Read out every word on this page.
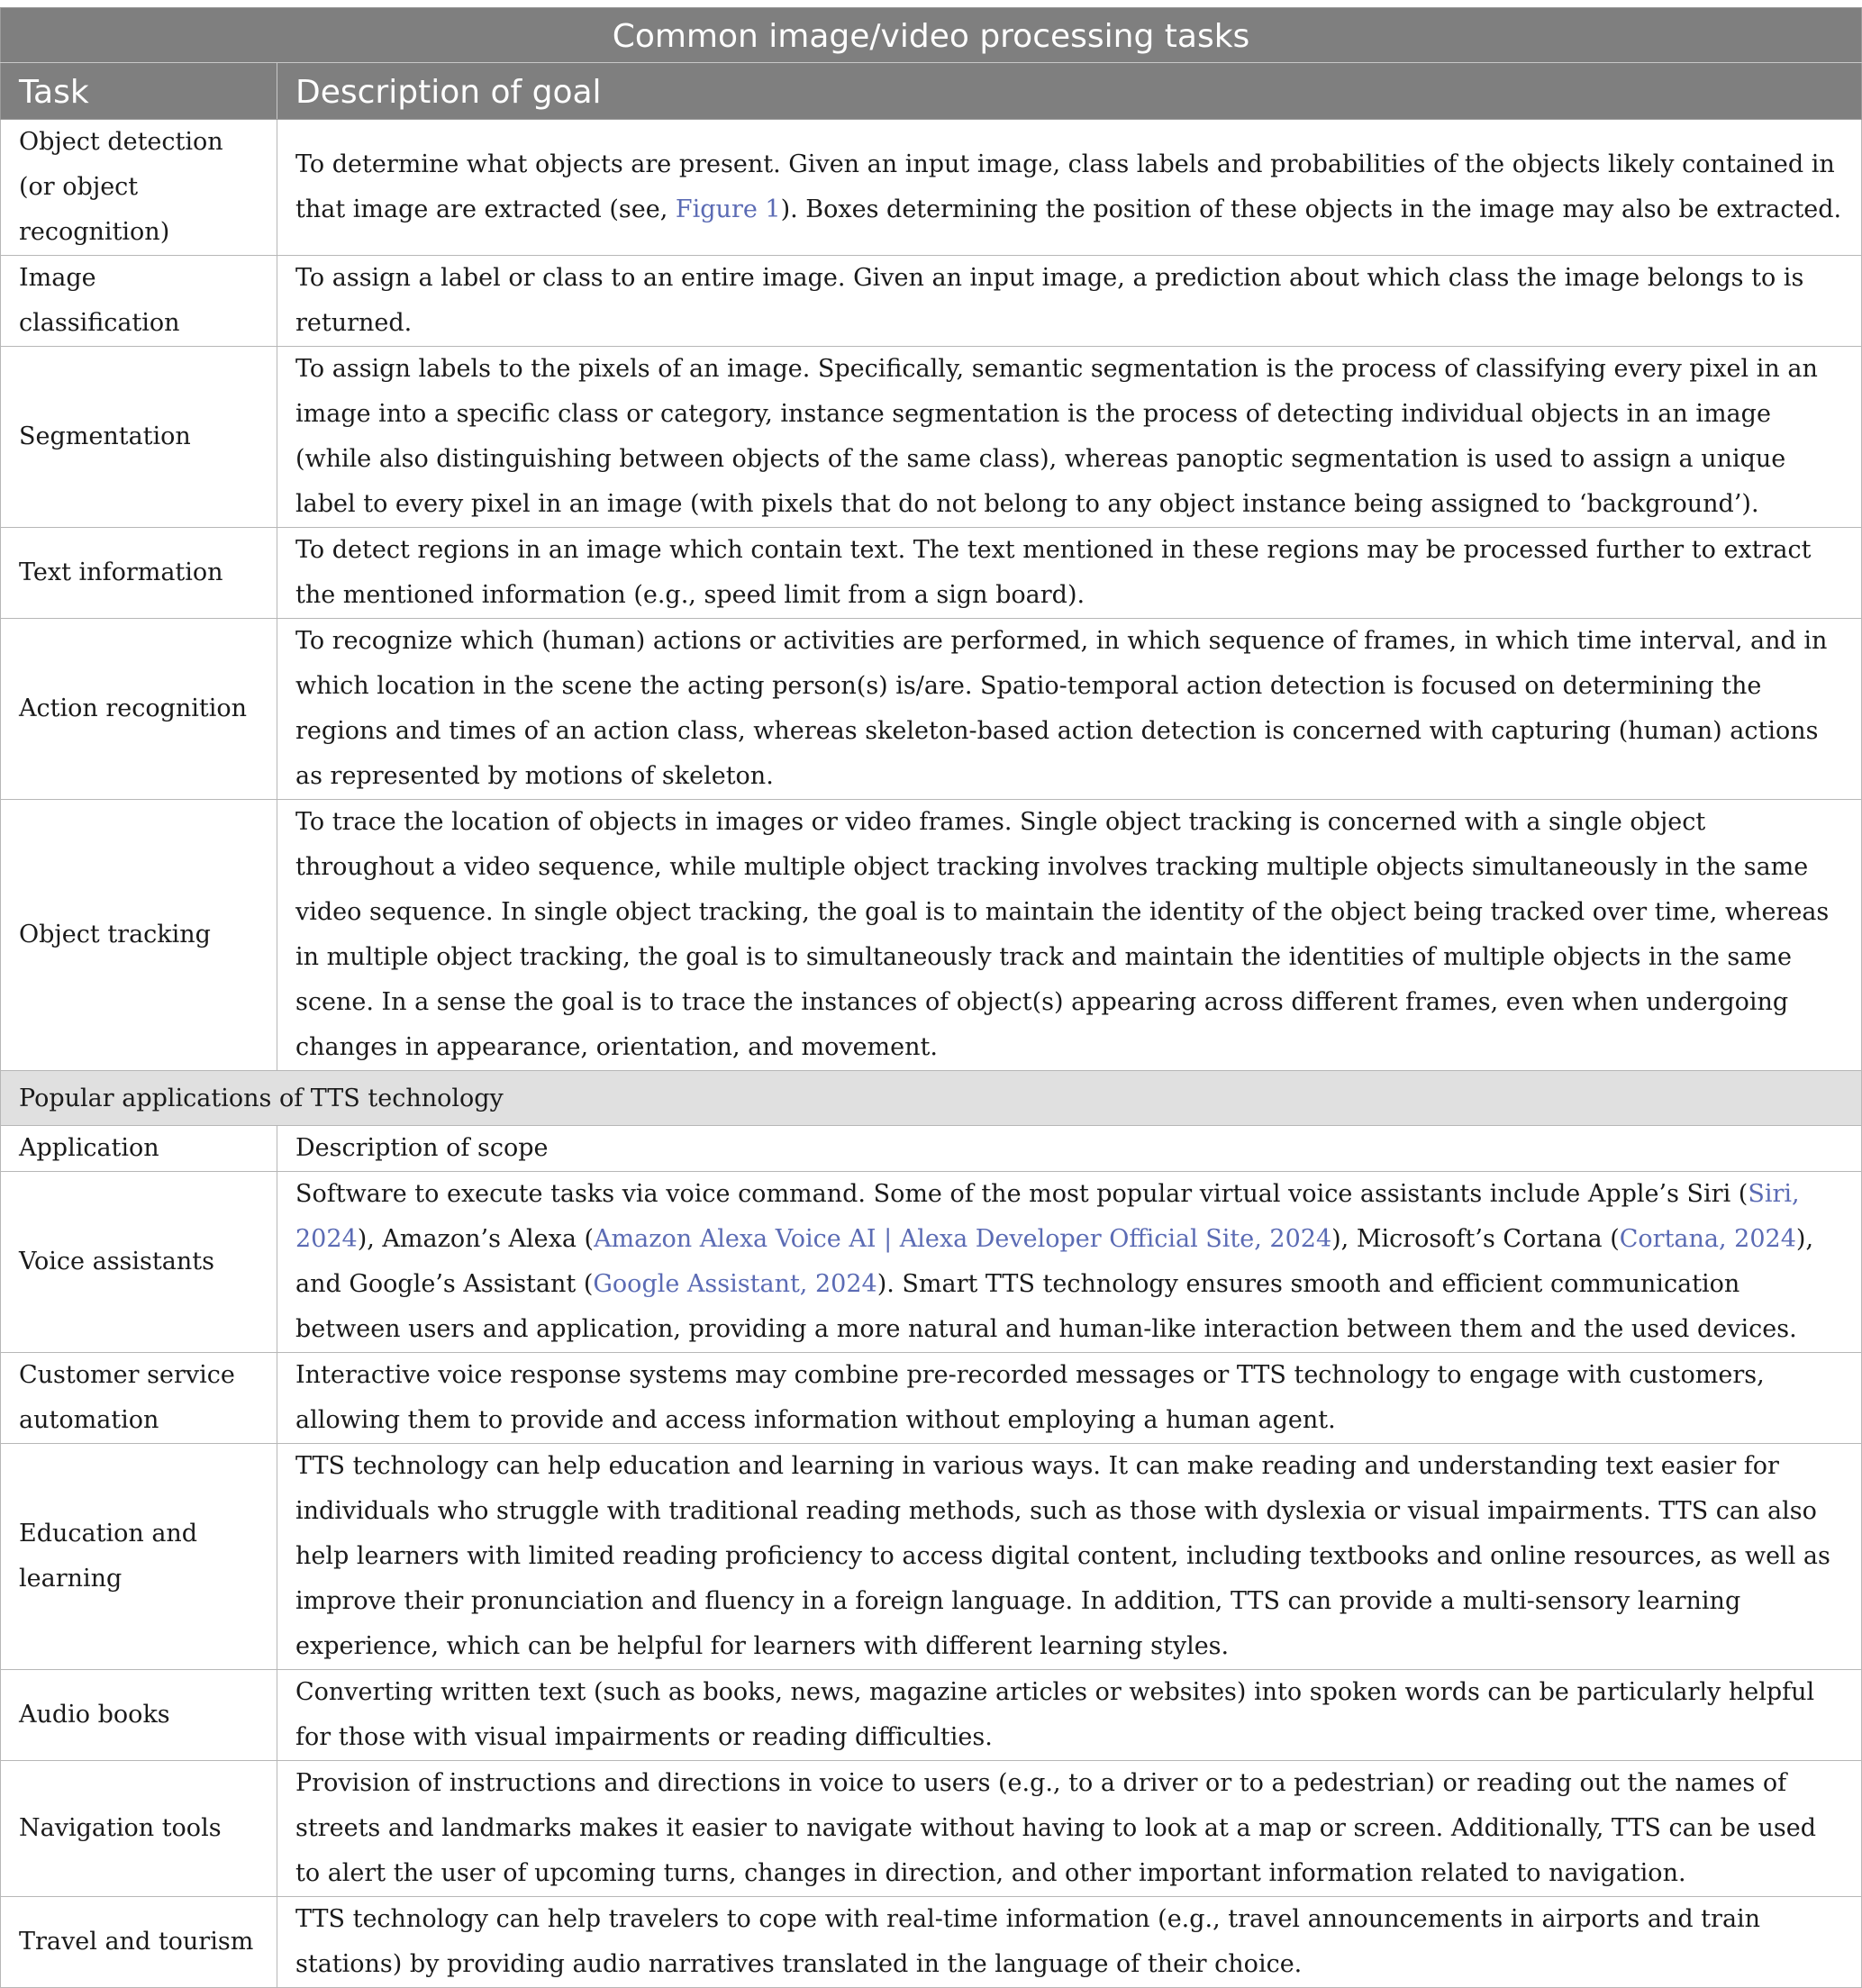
Common image/video processing tasks	
Task	Description of goal
Object detection (or object recognition)	To determine what objects are present. Given an input image, class labels and probabilities of the objects likely contained in that image are extracted (see, Figure 1). Boxes determining the position of these objects in the image may also be extracted.
Image classification	To assign a label or class to an entire image. Given an input image, a prediction about which class the image belongs to is returned.
Segmentation	To assign labels to the pixels of an image. Specifically, semantic segmentation is the process of classifying every pixel in an image into a specific class or category, instance segmentation is the process of detecting individual objects in an image (while also distinguishing between objects of the same class), whereas panoptic segmentation is used to assign a unique label to every pixel in an image (with pixels that do not belong to any object instance being assigned to ‘background’).
Text information	To detect regions in an image which contain text. The text mentioned in these regions may be processed further to extract the mentioned information (e.g., speed limit from a sign board).
Action recognition	To recognize which (human) actions or activities are performed, in which sequence of frames, in which time interval, and in which location in the scene the acting person(s) is/are. Spatio-temporal action detection is focused on determining the regions and times of an action class, whereas skeleton-based action detection is concerned with capturing (human) actions as represented by motions of skeleton.
Object tracking	To trace the location of objects in images or video frames. Single object tracking is concerned with a single object throughout a video sequence, while multiple object tracking involves tracking multiple objects simultaneously in the same video sequence. In single object tracking, the goal is to maintain the identity of the object being tracked over time, whereas in multiple object tracking, the goal is to simultaneously track and maintain the identities of multiple objects in the same scene. In a sense the goal is to trace the instances of object(s) appearing across different frames, even when undergoing changes in appearance, orientation, and movement.
Popular applications of TTS technology	
Application	Description of scope
Voice assistants	Software to execute tasks via voice command. Some of the most popular virtual voice assistants include Apple’s Siri (Siri, 2024), Amazon’s Alexa (Amazon Alexa Voice AI | Alexa Developer Official Site, 2024), Microsoft’s Cortana (Cortana, 2024), and Google’s Assistant (Google Assistant, 2024). Smart TTS technology ensures smooth and efficient communication between users and application, providing a more natural and human-like interaction between them and the used devices.
Customer service automation	Interactive voice response systems may combine pre-recorded messages or TTS technology to engage with customers, allowing them to provide and access information without employing a human agent.
Education and learning	TTS technology can help education and learning in various ways. It can make reading and understanding text easier for individuals who struggle with traditional reading methods, such as those with dyslexia or visual impairments. TTS can also help learners with limited reading proficiency to access digital content, including textbooks and online resources, as well as improve their pronunciation and fluency in a foreign language. In addition, TTS can provide a multi-sensory learning experience, which can be helpful for learners with different learning styles.
Audio books	Converting written text (such as books, news, magazine articles or websites) into spoken words can be particularly helpful for those with visual impairments or reading difficulties.
Navigation tools	Provision of instructions and directions in voice to users (e.g., to a driver or to a pedestrian) or reading out the names of streets and landmarks makes it easier to navigate without having to look at a map or screen. Additionally, TTS can be used to alert the user of upcoming turns, changes in direction, and other important information related to navigation.
Travel and tourism	TTS technology can help travelers to cope with real-time information (e.g., travel announcements in airports and train stations) by providing audio narratives translated in the language of their choice.
